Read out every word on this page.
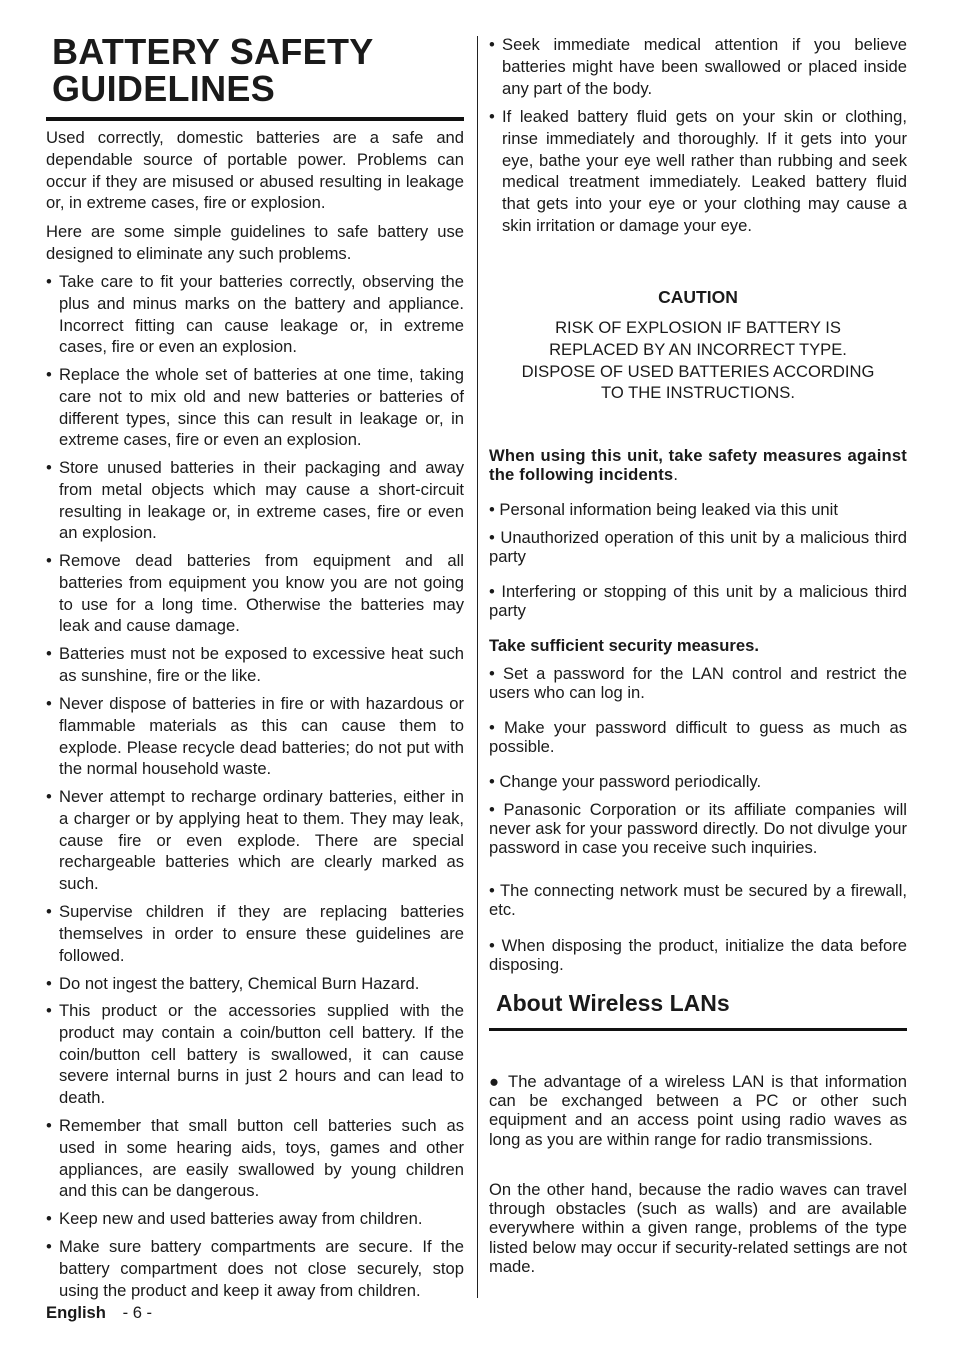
BATTERY SAFETY GUIDELINES

Used correctly, domestic batteries are a safe and dependable source of portable power. Problems can occur if they are misused or abused resulting in leakage or, in extreme cases, fire or explosion.

Here are some simple guidelines to safe battery use designed to eliminate any such problems.

• Take care to fit your batteries correctly, observing the plus and minus marks on the battery and appliance. Incorrect fitting can cause leakage or, in extreme cases, fire or even an explosion.

• Replace the whole set of batteries at one time, taking care not to mix old and new batteries or batteries of different types, since this can result in leakage or, in extreme cases, fire or even an explosion.

• Store unused batteries in their packaging and away from metal objects which may cause a short-circuit resulting in leakage or, in extreme cases, fire or even an explosion.

• Remove dead batteries from equipment and all batteries from equipment you know you are not going to use for a long time. Otherwise the batteries may leak and cause damage.

• Batteries must not be exposed to excessive heat such as sunshine, fire or the like.

• Never dispose of batteries in fire or with hazardous or flammable materials as this can cause them to explode. Please recycle dead batteries; do not put with the normal household waste.

• Never attempt to recharge ordinary batteries, either in a charger or by applying heat to them. They may leak, cause fire or even explode. There are special rechargeable batteries which are clearly marked as such.

• Supervise children if they are replacing batteries themselves in order to ensure these guidelines are followed.

• Do not ingest the battery, Chemical Burn Hazard.

• This product or the accessories supplied with the product may contain a coin/button cell battery. If the coin/button cell battery is swallowed, it can cause severe internal burns in just 2 hours and can lead to death.

• Remember that small button cell batteries such as used in some hearing aids, toys, games and other appliances, are easily swallowed by young children and this can be dangerous.

• Keep new and used batteries away from children.

• Make sure battery compartments are secure. If the battery compartment does not close securely, stop using the product and keep it away from children.

English - 6 -

• Seek immediate medical attention if you believe batteries might have been swallowed or placed inside any part of the body.

• If leaked battery fluid gets on your skin or clothing, rinse immediately and thoroughly. If it gets into your eye, bathe your eye well rather than rubbing and seek medical treatment immediately. Leaked battery fluid that gets into your eye or your clothing may cause a skin irritation or damage your eye.

CAUTION
RISK OF EXPLOSION IF BATTERY IS
REPLACED BY AN INCORRECT TYPE.
DISPOSE OF USED BATTERIES ACCORDING
TO THE INSTRUCTIONS.

When using this unit, take safety measures against the following incidents.

• Personal information being leaked via this unit

• Unauthorized operation of this unit by a malicious third party

• Interfering or stopping of this unit by a malicious third party

Take sufficient security measures.

• Set a password for the LAN control and restrict the users who can log in.

• Make your password difficult to guess as much as possible.

• Change your password periodically.

• Panasonic Corporation or its affiliate companies will never ask for your password directly. Do not divulge your password in case you receive such inquiries.

• The connecting network must be secured by a firewall, etc.

• When disposing the product, initialize the data before disposing.

About Wireless LANs

● The advantage of a wireless LAN is that information can be exchanged between a PC or other such equipment and an access point using radio waves as long as you are within range for radio transmissions.

On the other hand, because the radio waves can travel through obstacles (such as walls) and are available everywhere within a given range, problems of the type listed below may occur if security-related settings are not made.
